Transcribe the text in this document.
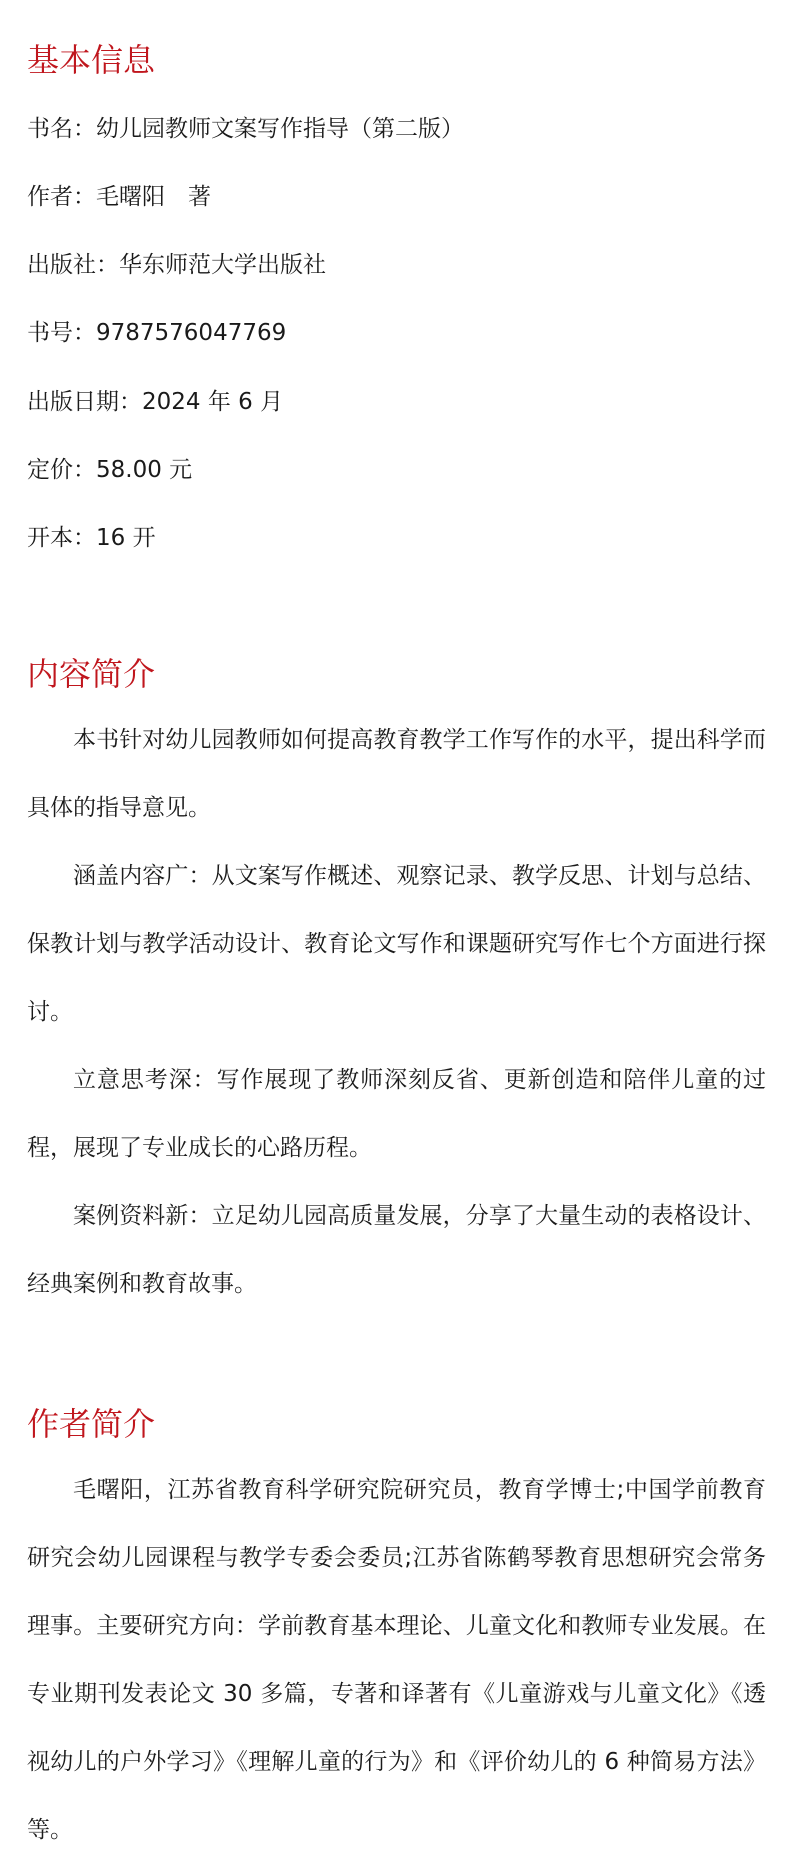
基本信息

书名：幼儿园教师文案写作指导（第二版）

作者：毛曙阳　著

出版社：华东师范大学出版社

书号：9787576047769

出版日期：2024 年 6 月

定价：58.00 元

开本：16 开

内容简介

本书针对幼儿园教师如何提高教育教学工作写作的水平，提出科学而具体的指导意见。

涵盖内容广：从文案写作概述、观察记录、教学反思、计划与总结、保教计划与教学活动设计、教育论文写作和课题研究写作七个方面进行探讨。

立意思考深：写作展现了教师深刻反省、更新创造和陪伴儿童的过程，展现了专业成长的心路历程。

案例资料新：立足幼儿园高质量发展，分享了大量生动的表格设计、经典案例和教育故事。

作者简介

毛曙阳，江苏省教育科学研究院研究员，教育学博士;中国学前教育研究会幼儿园课程与教学专委会委员;江苏省陈鹤琴教育思想研究会常务理事。主要研究方向：学前教育基本理论、儿童文化和教师专业发展。在专业期刊发表论文 30 多篇，专著和译著有《儿童游戏与儿童文化》《透视幼儿的户外学习》《理解儿童的行为》和《评价幼儿的 6 种简易方法》等。
